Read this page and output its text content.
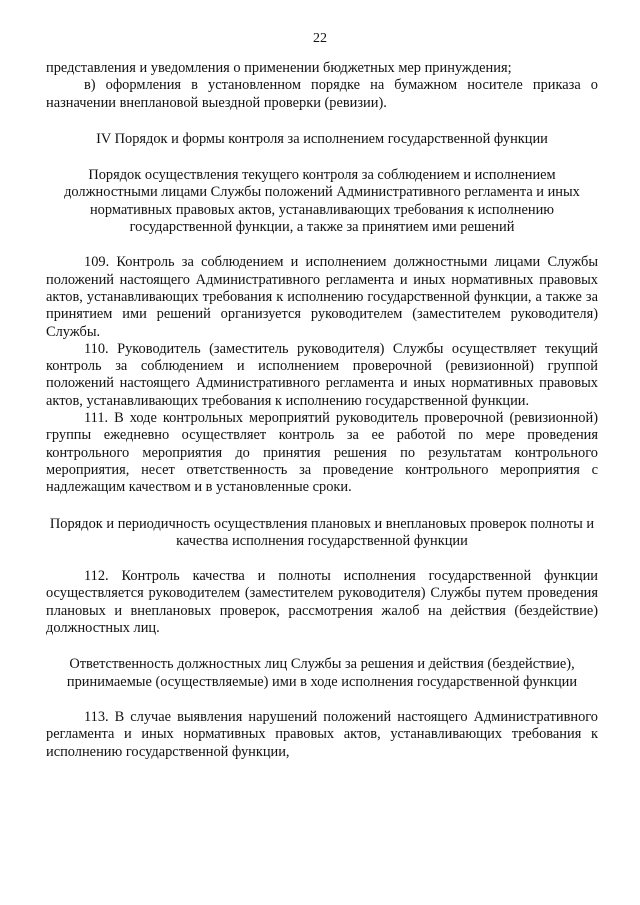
22

представления и уведомления о применении бюджетных мер принуждения;

в) оформления в установленном порядке на бумажном носителе приказа о назначении внеплановой выездной проверки (ревизии).

IV Порядок и формы контроля за исполнением государственной функции

Порядок осуществления текущего контроля за соблюдением и исполнением должностными лицами Службы положений Административного регламента и иных нормативных правовых актов, устанавливающих требования к исполнению государственной функции, а также за принятием ими решений

109. Контроль за соблюдением и исполнением должностными лицами Службы положений настоящего Административного регламента и иных нормативных правовых актов, устанавливающих требования к исполнению государственной функции, а также за принятием ими решений организуется руководителем (заместителем руководителя) Службы.

110. Руководитель (заместитель руководителя) Службы осуществляет текущий контроль за соблюдением и исполнением проверочной (ревизионной) группой положений настоящего Административного регламента и иных нормативных правовых актов, устанавливающих требования к исполнению государственной функции.

111. В ходе контрольных мероприятий руководитель проверочной (ревизионной) группы ежедневно осуществляет контроль за ее работой по мере проведения контрольного мероприятия до принятия решения по результатам контрольного мероприятия, несет ответственность за проведение контрольного мероприятия с надлежащим качеством и в установленные сроки.

Порядок и периодичность осуществления плановых и внеплановых проверок полноты и качества исполнения государственной функции

112. Контроль качества и полноты исполнения государственной функции осуществляется руководителем (заместителем руководителя) Службы путем проведения плановых и внеплановых проверок, рассмотрения жалоб на действия (бездействие) должностных лиц.

Ответственность должностных лиц Службы за решения и действия (бездействие), принимаемые (осуществляемые) ими в ходе исполнения государственной функции

113. В случае выявления нарушений положений настоящего Административного регламента и иных нормативных правовых актов, устанавливающих требования к исполнению государственной функции,
